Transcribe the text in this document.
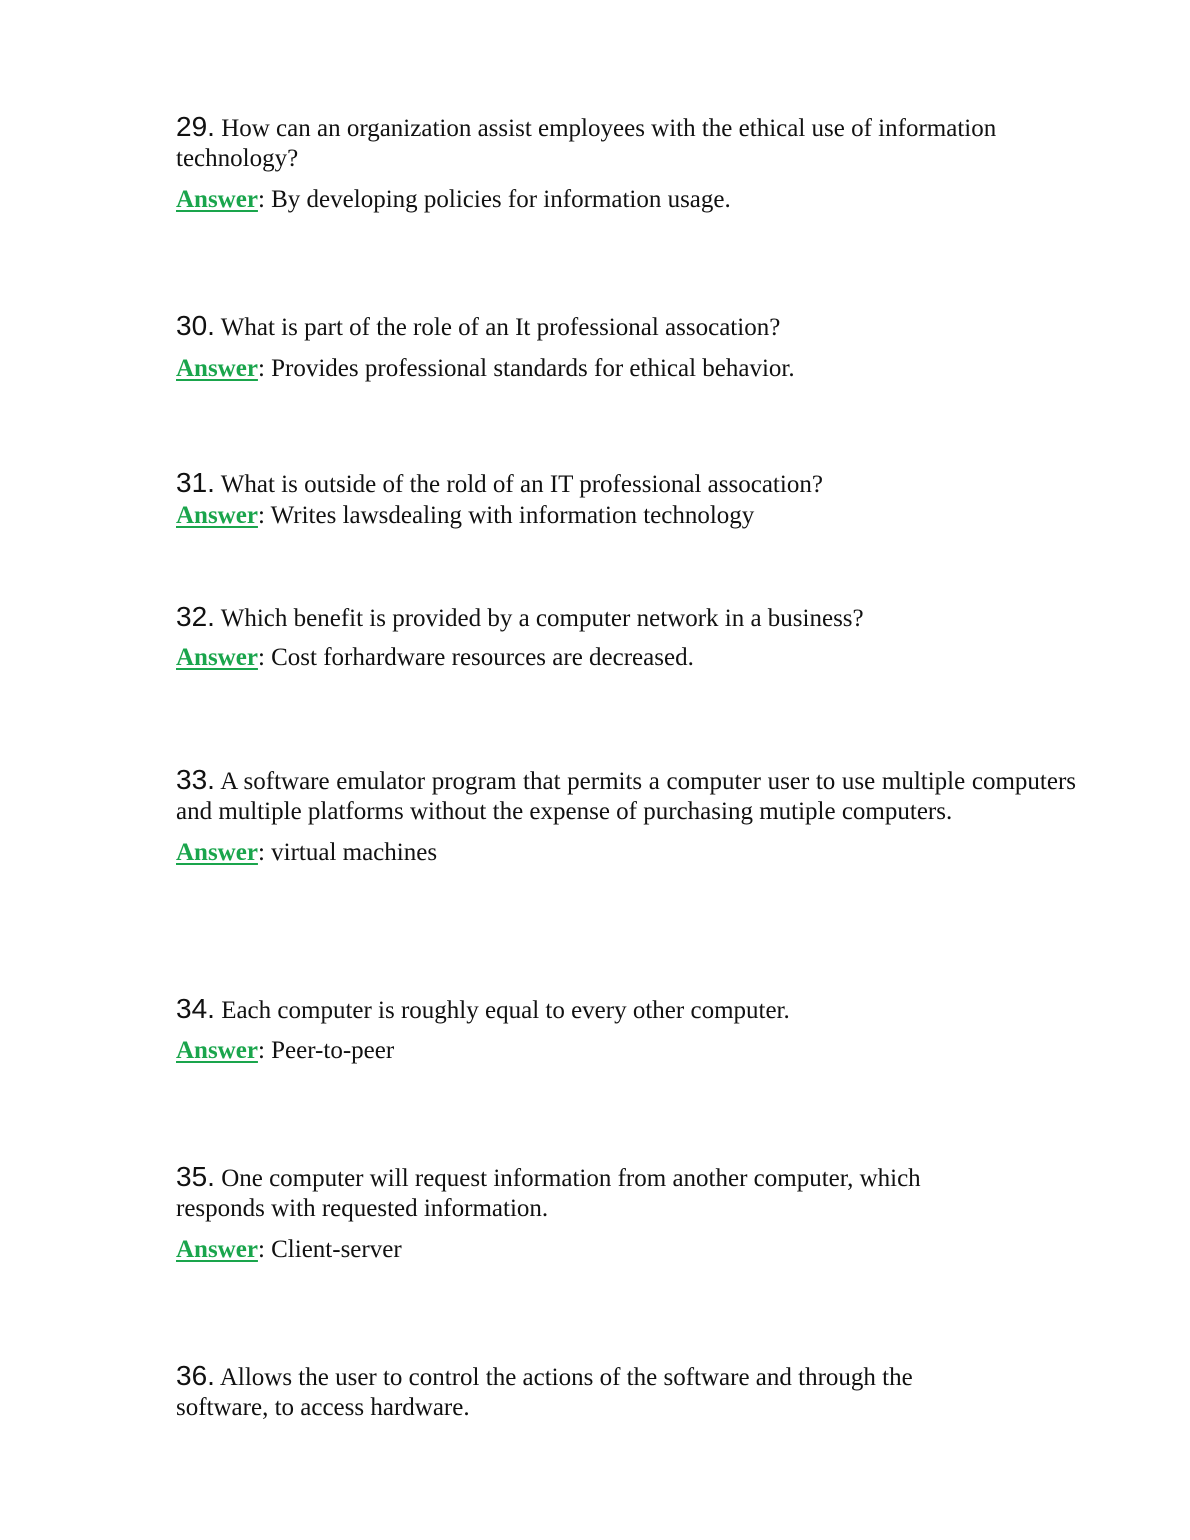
29. How can an organization assist employees with the ethical use of information technology?

Answer: By developing policies for information usage.

30. What is part of the role of an It professional assocation?

Answer: Provides professional standards for ethical behavior.

31. What is outside of the rold of an IT professional assocation?

Answer: Writes lawsdealing with information technology

32. Which benefit is provided by a computer network in a business?

Answer: Cost forhardware resources are decreased.

33. A software emulator program that permits a computer user to use multiple computers and multiple platforms without the expense of purchasing mutiple computers.

Answer: virtual machines

34. Each computer is roughly equal to every other computer.

Answer: Peer-to-peer

35. One computer will request information from another computer, which responds with requested information.

Answer: Client-server

36. Allows the user to control the actions of the software and through the software, to access hardware.
